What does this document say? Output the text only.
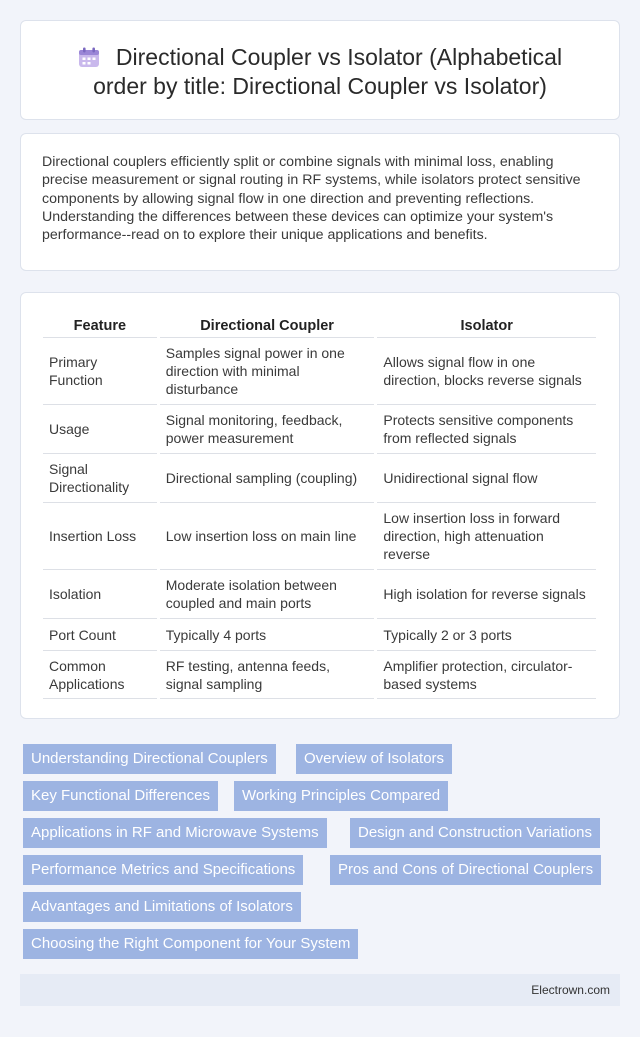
Directional Coupler vs Isolator (Alphabetical order by title: Directional Coupler vs Isolator)

Directional couplers efficiently split or combine signals with minimal loss, enabling precise measurement or signal routing in RF systems, while isolators protect sensitive components by allowing signal flow in one direction and preventing reflections. Understanding the differences between these devices can optimize your system's performance--read on to explore their unique applications and benefits.

Feature	Directional Coupler	Isolator
Primary Function	Samples signal power in one direction with minimal disturbance	Allows signal flow in one direction, blocks reverse signals
Usage	Signal monitoring, feedback, power measurement	Protects sensitive components from reflected signals
Signal Directionality	Directional sampling (coupling)	Unidirectional signal flow
Insertion Loss	Low insertion loss on main line	Low insertion loss in forward direction, high attenuation reverse
Isolation	Moderate isolation between coupled and main ports	High isolation for reverse signals
Port Count	Typically 4 ports	Typically 2 or 3 ports
Common Applications	RF testing, antenna feeds, signal sampling	Amplifier protection, circulator-based systems
Understanding Directional Couplers	Overview of Isolators
Key Functional Differences	Working Principles Compared
Applications in RF and Microwave Systems	Design and Construction Variations
Performance Metrics and Specifications	Pros and Cons of Directional Couplers
Advantages and Limitations of Isolators
Choosing the Right Component for Your System
Electrown.com
